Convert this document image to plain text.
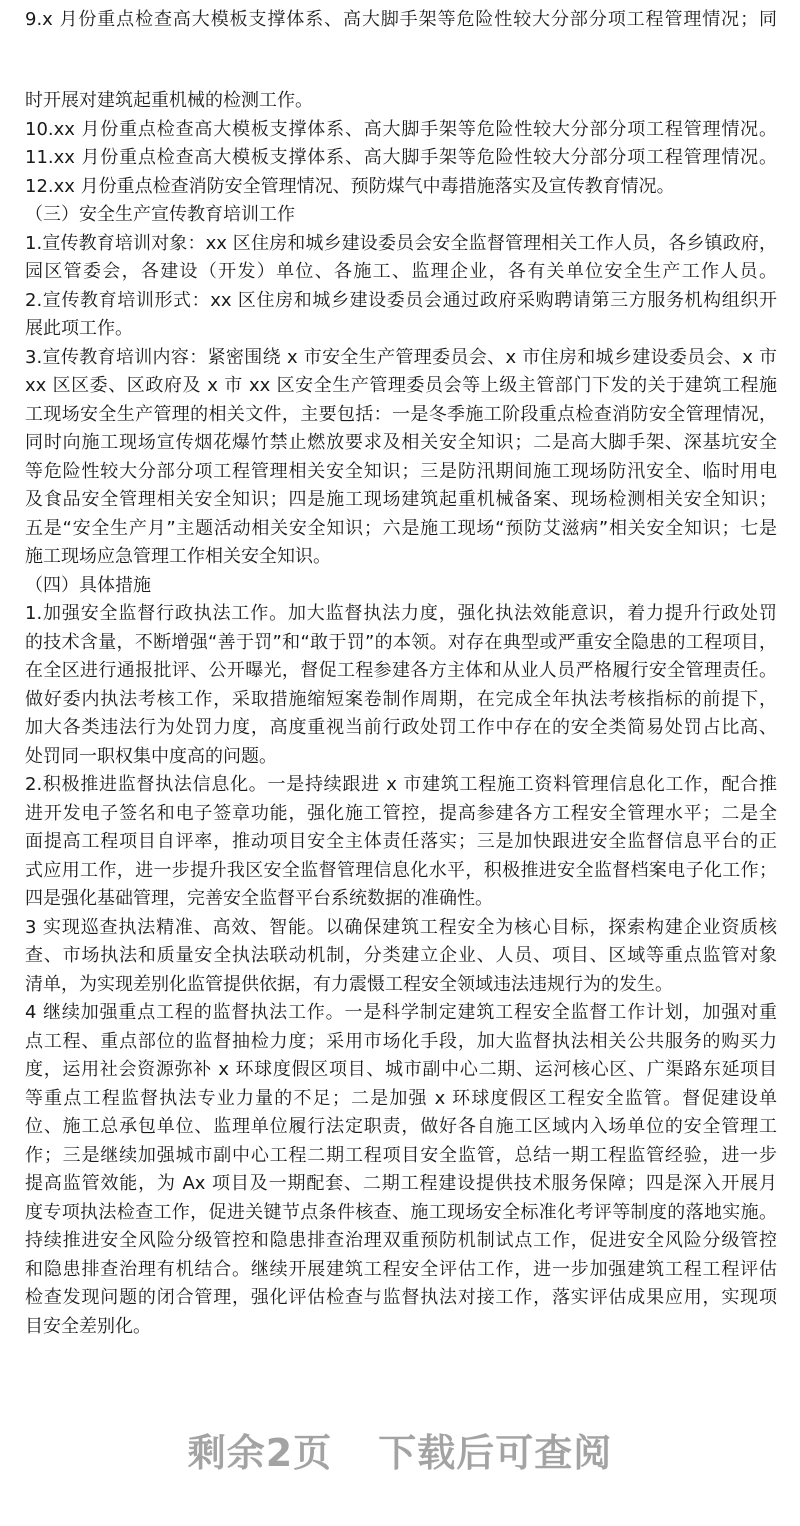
9.x 月份重点检查高大模板支撑体系、高大脚手架等危险性较大分部分项工程管理情况；同
时开展对建筑起重机械的检测工作。
10.xx 月份重点检查高大模板支撑体系、高大脚手架等危险性较大分部分项工程管理情况。
11.xx 月份重点检查高大模板支撑体系、高大脚手架等危险性较大分部分项工程管理情况。
12.xx 月份重点检查消防安全管理情况、预防煤气中毒措施落实及宣传教育情况。
（三）安全生产宣传教育培训工作
1.宣传教育培训对象：xx 区住房和城乡建设委员会安全监督管理相关工作人员，各乡镇政府，
园区管委会，各建设（开发）单位、各施工、监理企业，各有关单位安全生产工作人员。
2.宣传教育培训形式：xx 区住房和城乡建设委员会通过政府采购聘请第三方服务机构组织开
展此项工作。
3.宣传教育培训内容：紧密围绕 x 市安全生产管理委员会、x 市住房和城乡建设委员会、x 市
xx 区区委、区政府及 x 市 xx 区安全生产管理委员会等上级主管部门下发的关于建筑工程施
工现场安全生产管理的相关文件，主要包括：一是冬季施工阶段重点检查消防安全管理情况，
同时向施工现场宣传烟花爆竹禁止燃放要求及相关安全知识；二是高大脚手架、深基坑安全
等危险性较大分部分项工程管理相关安全知识；三是防汛期间施工现场防汛安全、临时用电
及食品安全管理相关安全知识；四是施工现场建筑起重机械备案、现场检测相关安全知识；
五是“安全生产月”主题活动相关安全知识；六是施工现场“预防艾滋病”相关安全知识；七是
施工现场应急管理工作相关安全知识。
（四）具体措施
1.加强安全监督行政执法工作。加大监督执法力度，强化执法效能意识，着力提升行政处罚
的技术含量，不断增强“善于罚”和“敢于罚”的本领。对存在典型或严重安全隐患的工程项目，
在全区进行通报批评、公开曝光，督促工程参建各方主体和从业人员严格履行安全管理责任。
做好委内执法考核工作，采取措施缩短案卷制作周期，在完成全年执法考核指标的前提下，
加大各类违法行为处罚力度，高度重视当前行政处罚工作中存在的安全类简易处罚占比高、
处罚同一职权集中度高的问题。
2.积极推进监督执法信息化。一是持续跟进 x 市建筑工程施工资料管理信息化工作，配合推
进开发电子签名和电子签章功能，强化施工管控，提高参建各方工程安全管理水平；二是全
面提高工程项目自评率，推动项目安全主体责任落实；三是加快跟进安全监督信息平台的正
式应用工作，进一步提升我区安全监督管理信息化水平，积极推进安全监督档案电子化工作；
四是强化基础管理，完善安全监督平台系统数据的准确性。
3 实现巡查执法精准、高效、智能。以确保建筑工程安全为核心目标，探索构建企业资质核
查、市场执法和质量安全执法联动机制，分类建立企业、人员、项目、区域等重点监管对象
清单，为实现差别化监管提供依据，有力震慑工程安全领域违法违规行为的发生。
4 继续加强重点工程的监督执法工作。一是科学制定建筑工程安全监督工作计划，加强对重
点工程、重点部位的监督抽检力度；采用市场化手段，加大监督执法相关公共服务的购买力
度，运用社会资源弥补 x 环球度假区项目、城市副中心二期、运河核心区、广渠路东延项目
等重点工程监督执法专业力量的不足；二是加强 x 环球度假区工程安全监管。督促建设单
位、施工总承包单位、监理单位履行法定职责，做好各自施工区域内入场单位的安全管理工
作；三是继续加强城市副中心工程二期工程项目安全监管，总结一期工程监管经验，进一步
提高监管效能，为 Ax 项目及一期配套、二期工程建设提供技术服务保障；四是深入开展月
度专项执法检查工作，促进关键节点条件核查、施工现场安全标准化考评等制度的落地实施。
持续推进安全风险分级管控和隐患排查治理双重预防机制试点工作，促进安全风险分级管控
和隐患排查治理有机结合。继续开展建筑工程安全评估工作，进一步加强建筑工程工程评估
检查发现问题的闭合管理，强化评估检查与监督执法对接工作，落实评估成果应用，实现项
目安全差别化。
剩余2页 下载后可查阅
